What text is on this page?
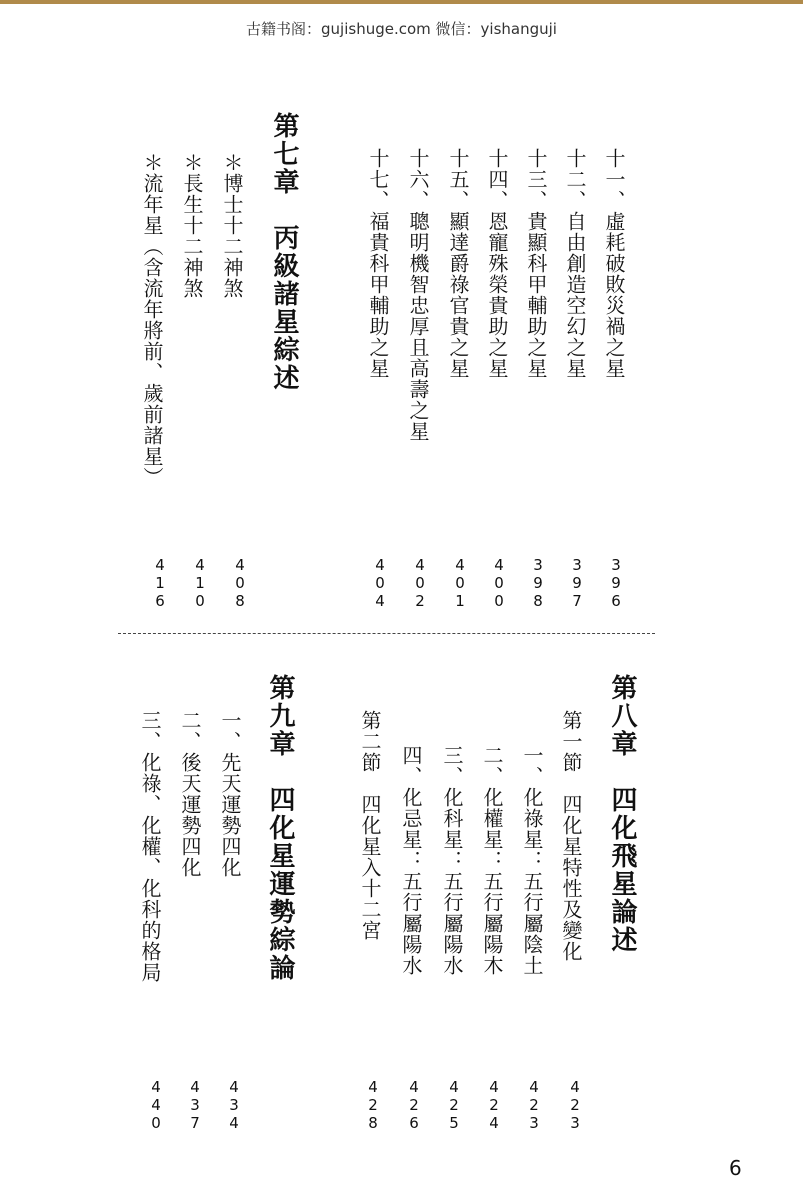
古籍书阁：gujishuge.com 微信：yishanguji
十一、虛耗破敗災禍之星
3
9
6
十二、自由創造空幻之星
3
9
7
十三、貴顯科甲輔助之星
3
9
8
十四、恩寵殊榮貴助之星
4
0
0
十五、顯達爵祿官貴之星
4
0
1
十六、聰明機智忠厚且高壽之星
4
0
2
十七、福貴科甲輔助之星
4
0
4
第七章　丙級諸星綜述
＊博士十二神煞
4
0
8
＊長生十二神煞
4
1
0
＊流年星（含流年將前、歲前諸星）
4
1
6
第八章　四化飛星論述
第一節　四化星特性及變化
4
2
3
一、化祿星：五行屬陰土
4
2
3
二、化權星：五行屬陽木
4
2
4
三、化科星：五行屬陽水
4
2
5
四、化忌星：五行屬陽水
4
2
6
第二節　四化星入十二宮
4
2
8
第九章　四化星運勢綜論
一、先天運勢四化
4
3
4
二、後天運勢四化
4
3
7
三、化祿、化權、化科的格局
4
4
0
6
